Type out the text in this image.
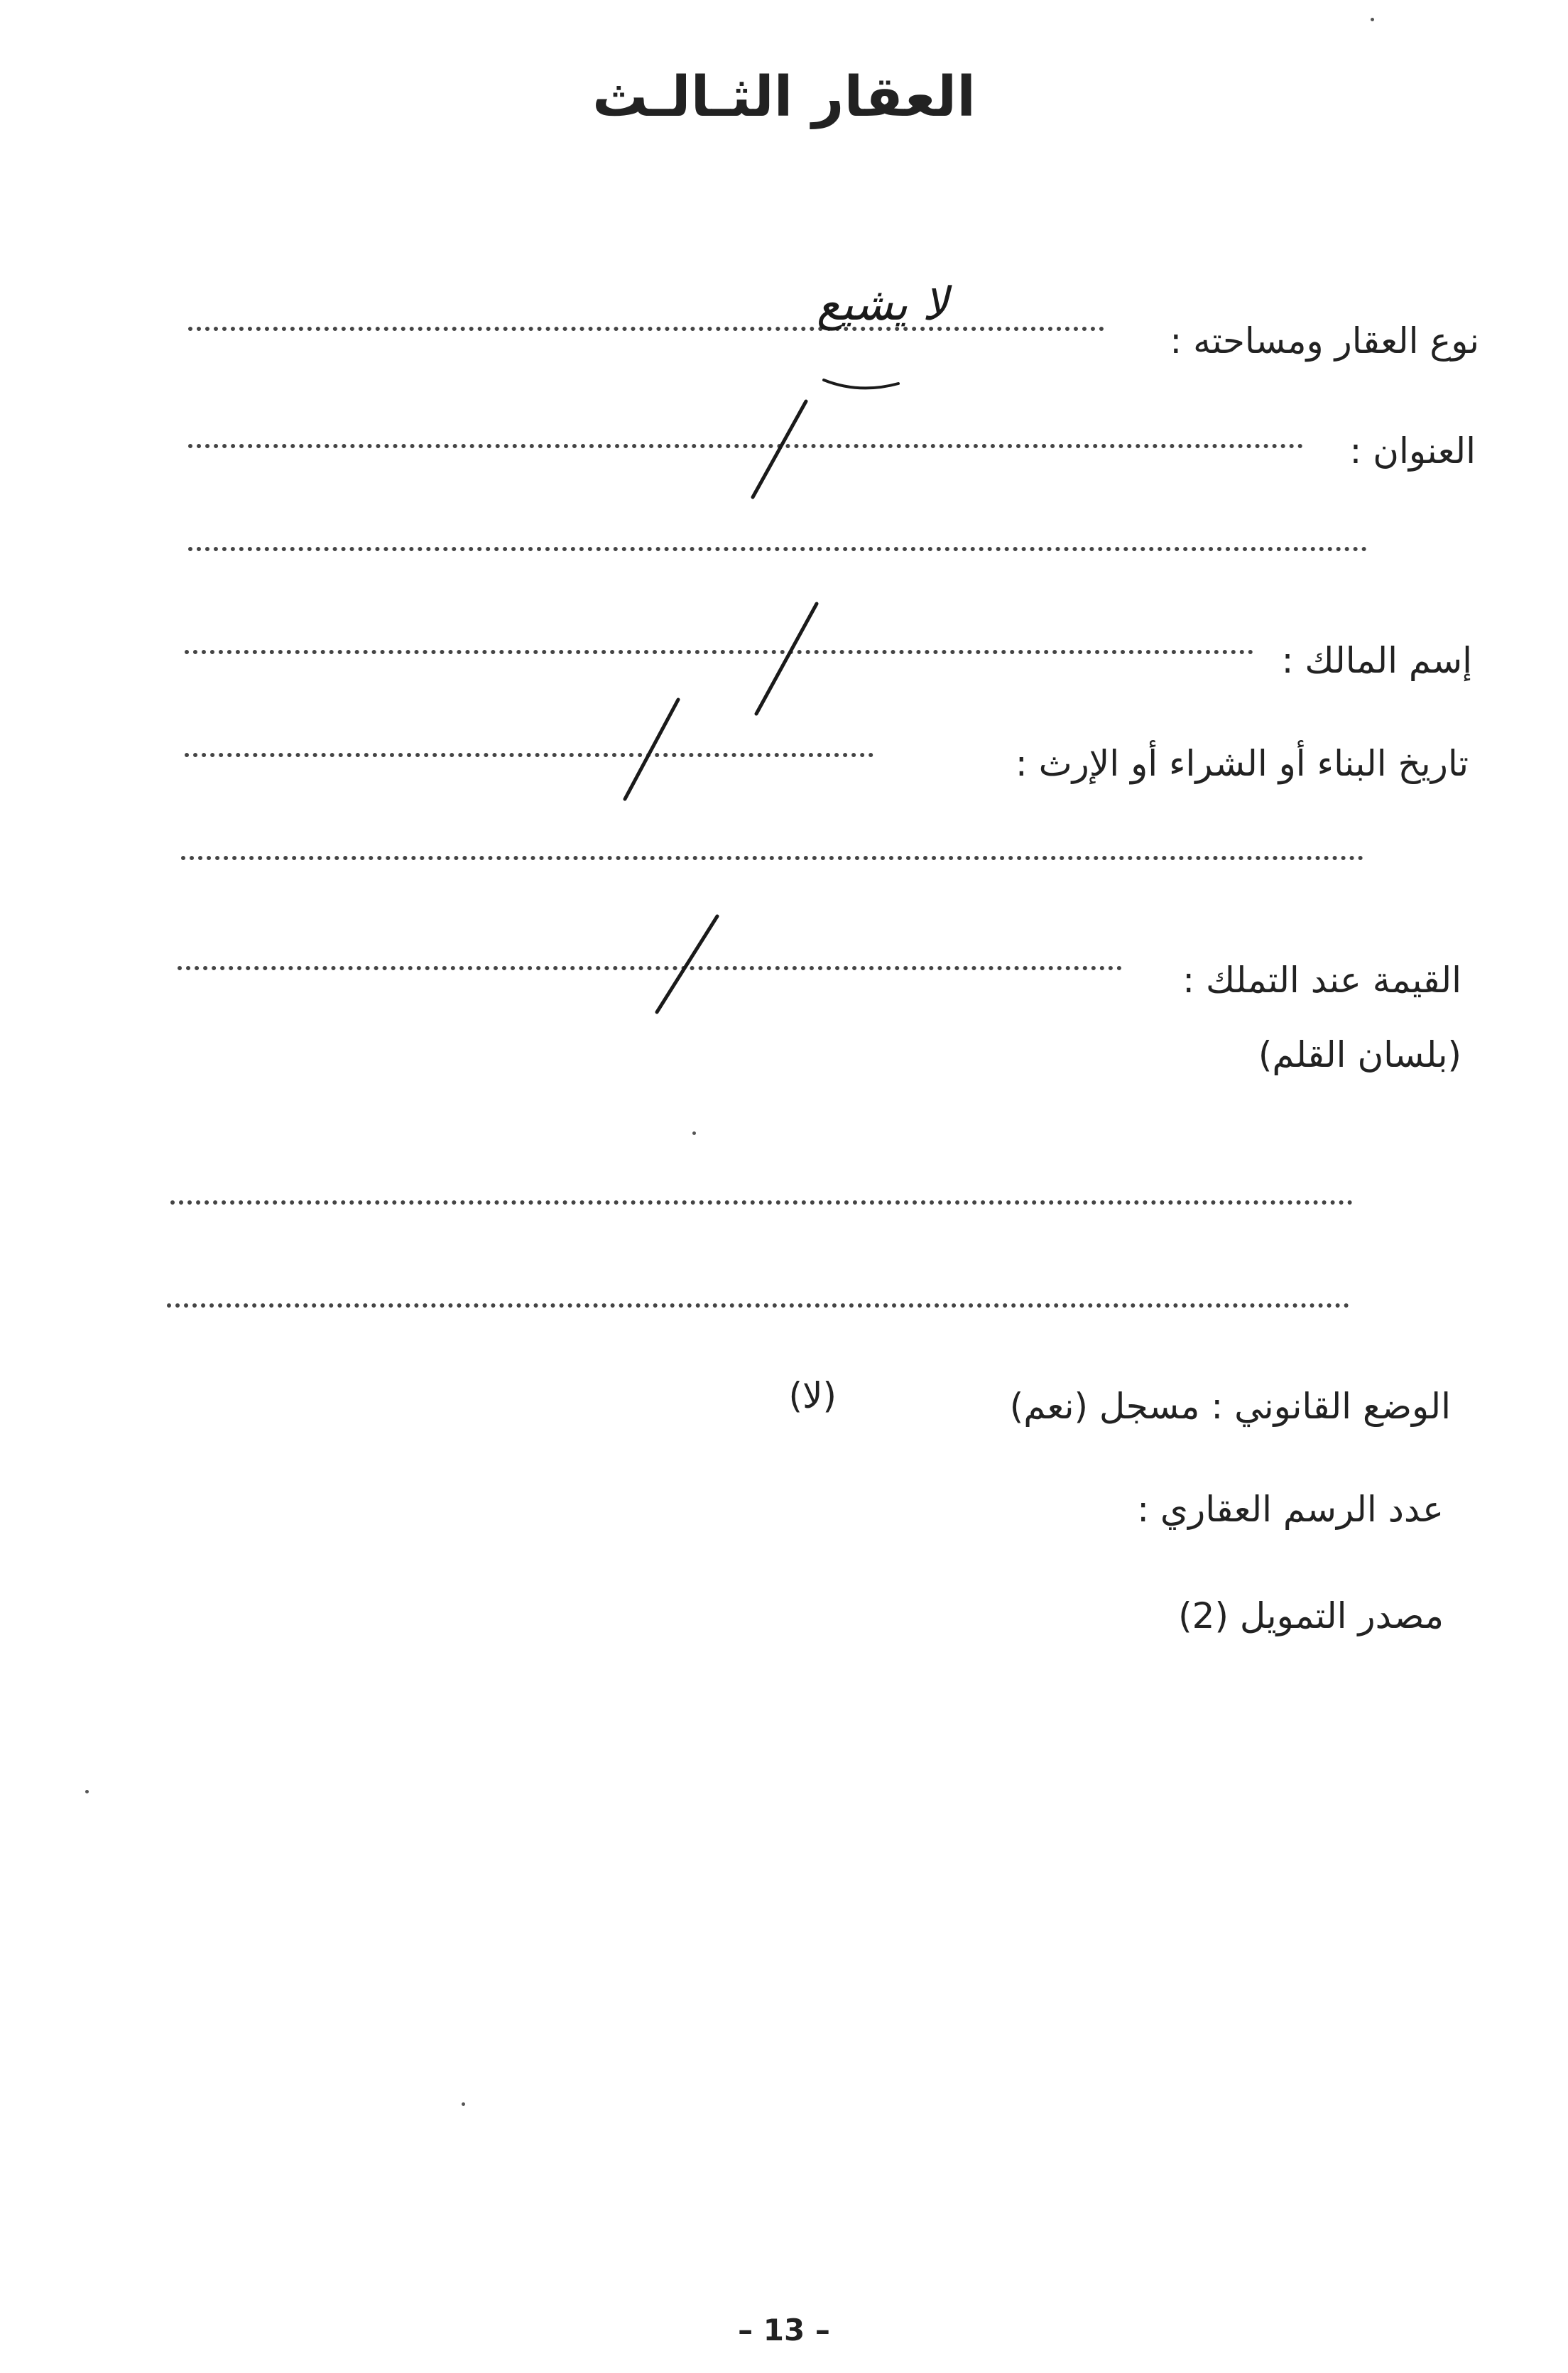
العقار الثـالـث
نوع العقار ومساحته :
لا يشيع
العنوان :
إسم المالك :
تاريخ البناء أو الشراء أو الإرث :
القيمة عند التملك :
(بلسان القلم)
الوضع القانوني : مسجل (نعم)
(لا)
عدد الرسم العقاري :
مصدر التمويل (2)
– 13 –
